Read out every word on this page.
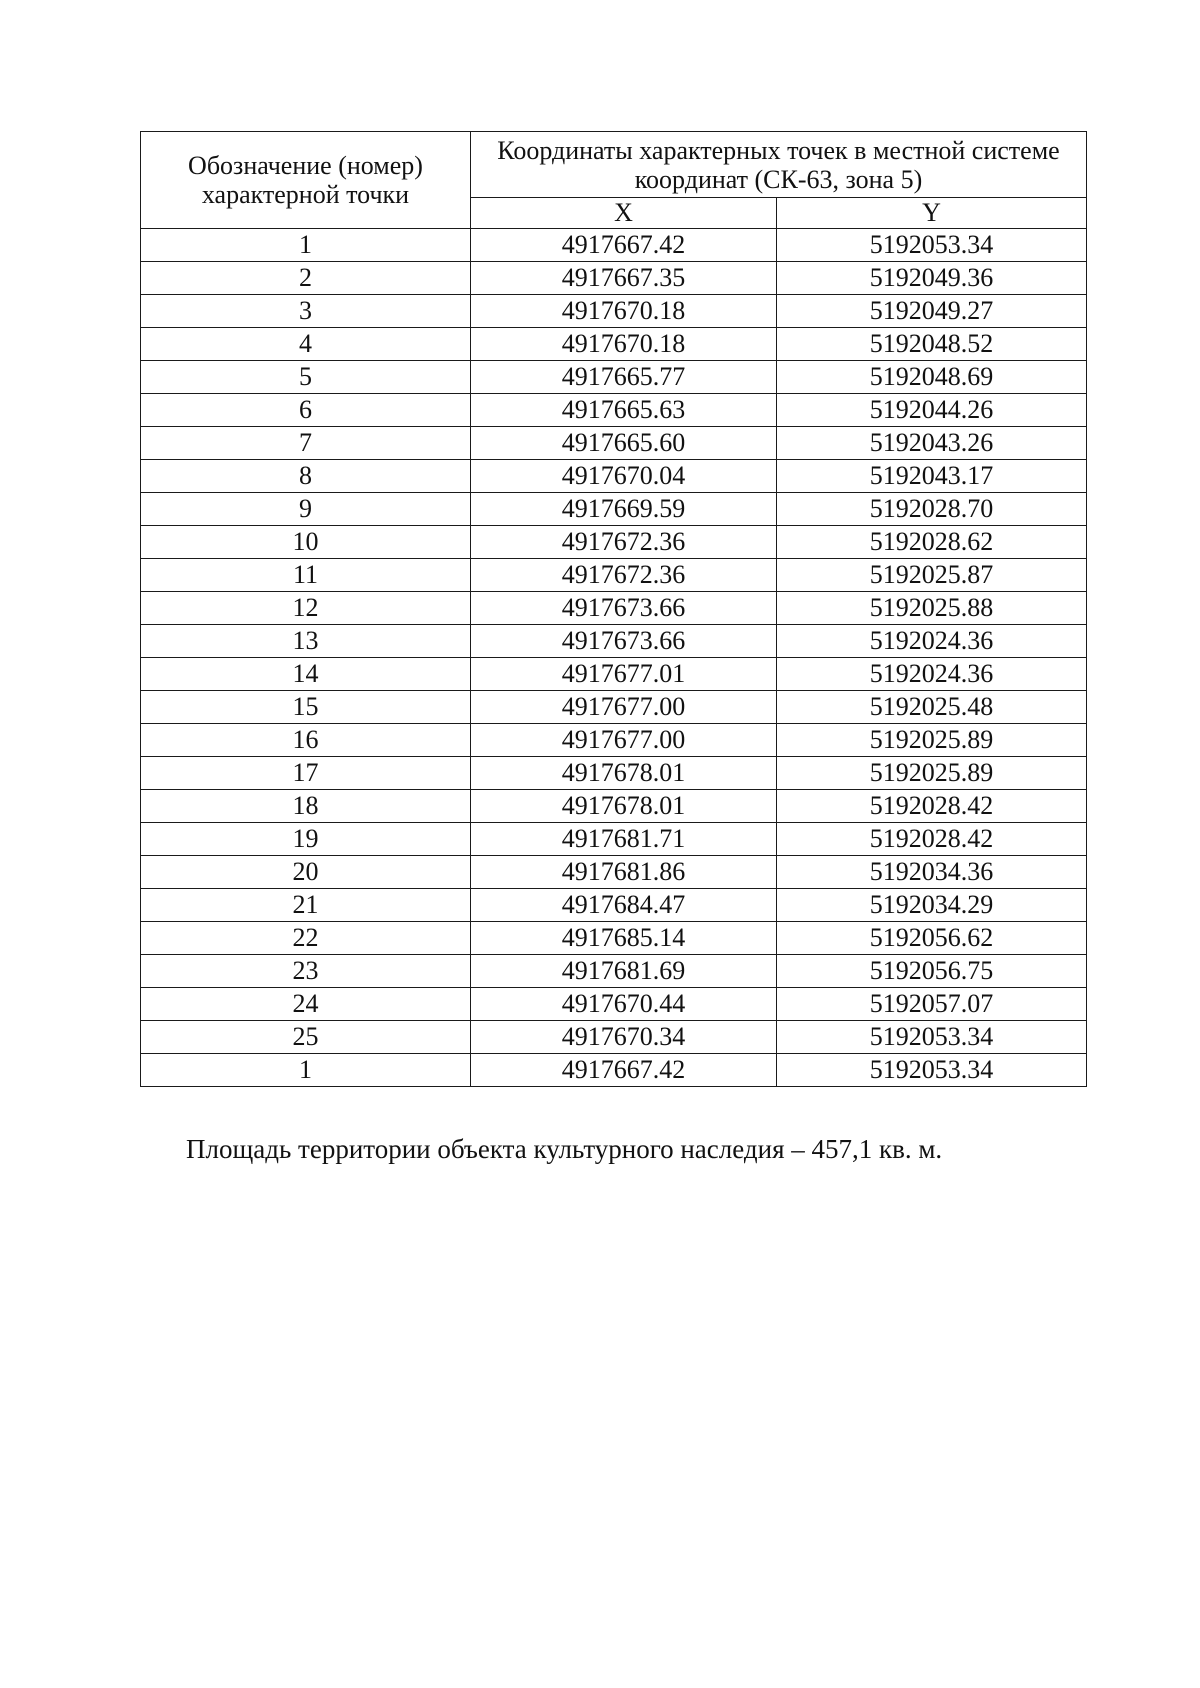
Обозначение (номер) характерной точки	Координаты характерных точек в местной системе координат (СК-63, зона 5)	
	X	Y
1	4917667.42	5192053.34
2	4917667.35	5192049.36
3	4917670.18	5192049.27
4	4917670.18	5192048.52
5	4917665.77	5192048.69
6	4917665.63	5192044.26
7	4917665.60	5192043.26
8	4917670.04	5192043.17
9	4917669.59	5192028.70
10	4917672.36	5192028.62
11	4917672.36	5192025.87
12	4917673.66	5192025.88
13	4917673.66	5192024.36
14	4917677.01	5192024.36
15	4917677.00	5192025.48
16	4917677.00	5192025.89
17	4917678.01	5192025.89
18	4917678.01	5192028.42
19	4917681.71	5192028.42
20	4917681.86	5192034.36
21	4917684.47	5192034.29
22	4917685.14	5192056.62
23	4917681.69	5192056.75
24	4917670.44	5192057.07
25	4917670.34	5192053.34
1	4917667.42	5192053.34
Площадь территории объекта культурного наследия – 457,1 кв. м.
